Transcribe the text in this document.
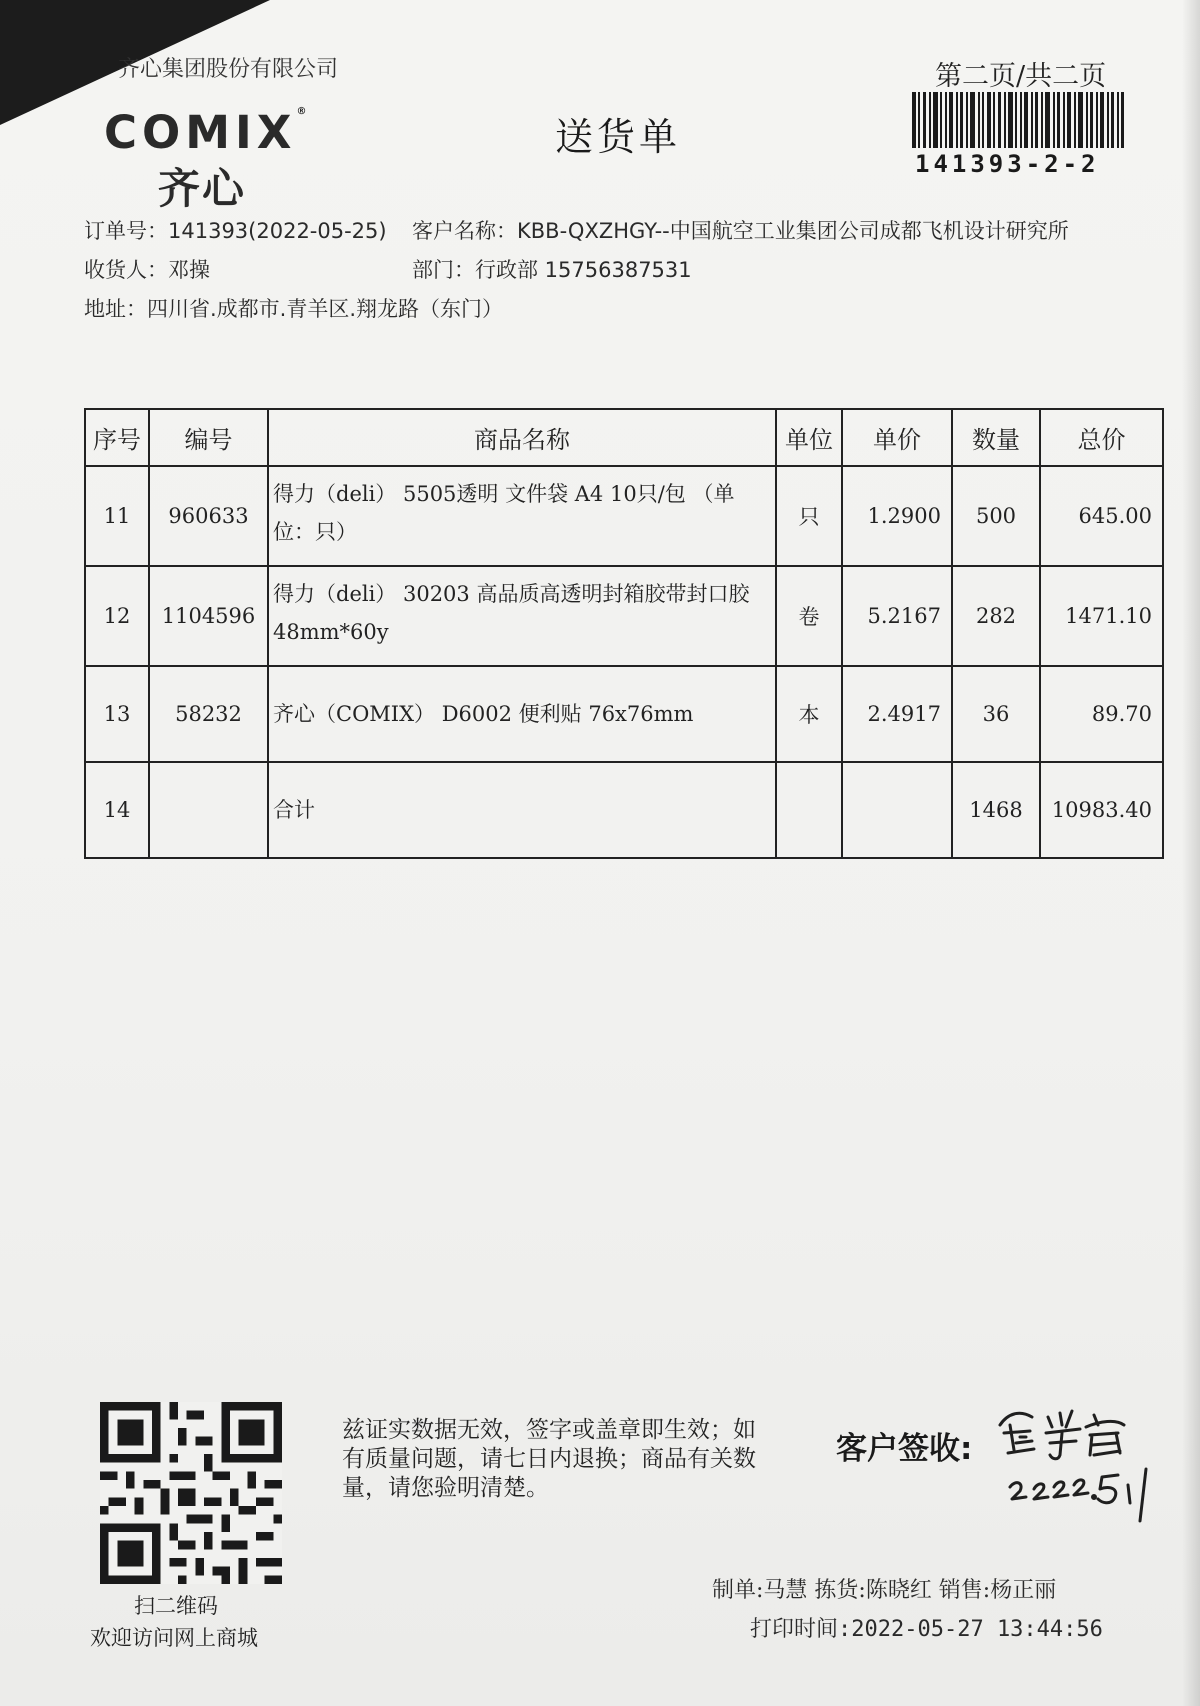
齐心集团股份有限公司	第二页/共二页
COMIX®
齐心
送货单
141393-2-2
订单号：141393(2022-05-25) 客户名称：KBB-QXZHGY--中国航空工业集团公司成都飞机设计研究所
收货人：邓操	部门：行政部 15756387531
地址：四川省.成都市.青羊区.翔龙路（东门）
序号	编号	商品名称	单位	单价	数量	总价
11	960633	得力（deli） 5505透明 文件袋 A4 10只/包 （单位：只）	只	1.2900	500	645.00
12	1104596	得力（deli） 30203 高品质高透明封箱胶带封口胶 48mm*60y	卷	5.2167	282	1471.10
13	58232	齐心（COMIX） D6002 便利贴 76x76mm	本	2.4917	36	89.70
14		合计			1468	10983.40
扫二维码
欢迎访问网上商城
兹证实数据无效，签字或盖章即生效；如有质量问题，请七日内退换；商品有关数量，请您验明清楚。
客户签收:
制单:马慧 拣货:陈晓红 销售:杨正丽
打印时间:2022-05-27 13:44:56
